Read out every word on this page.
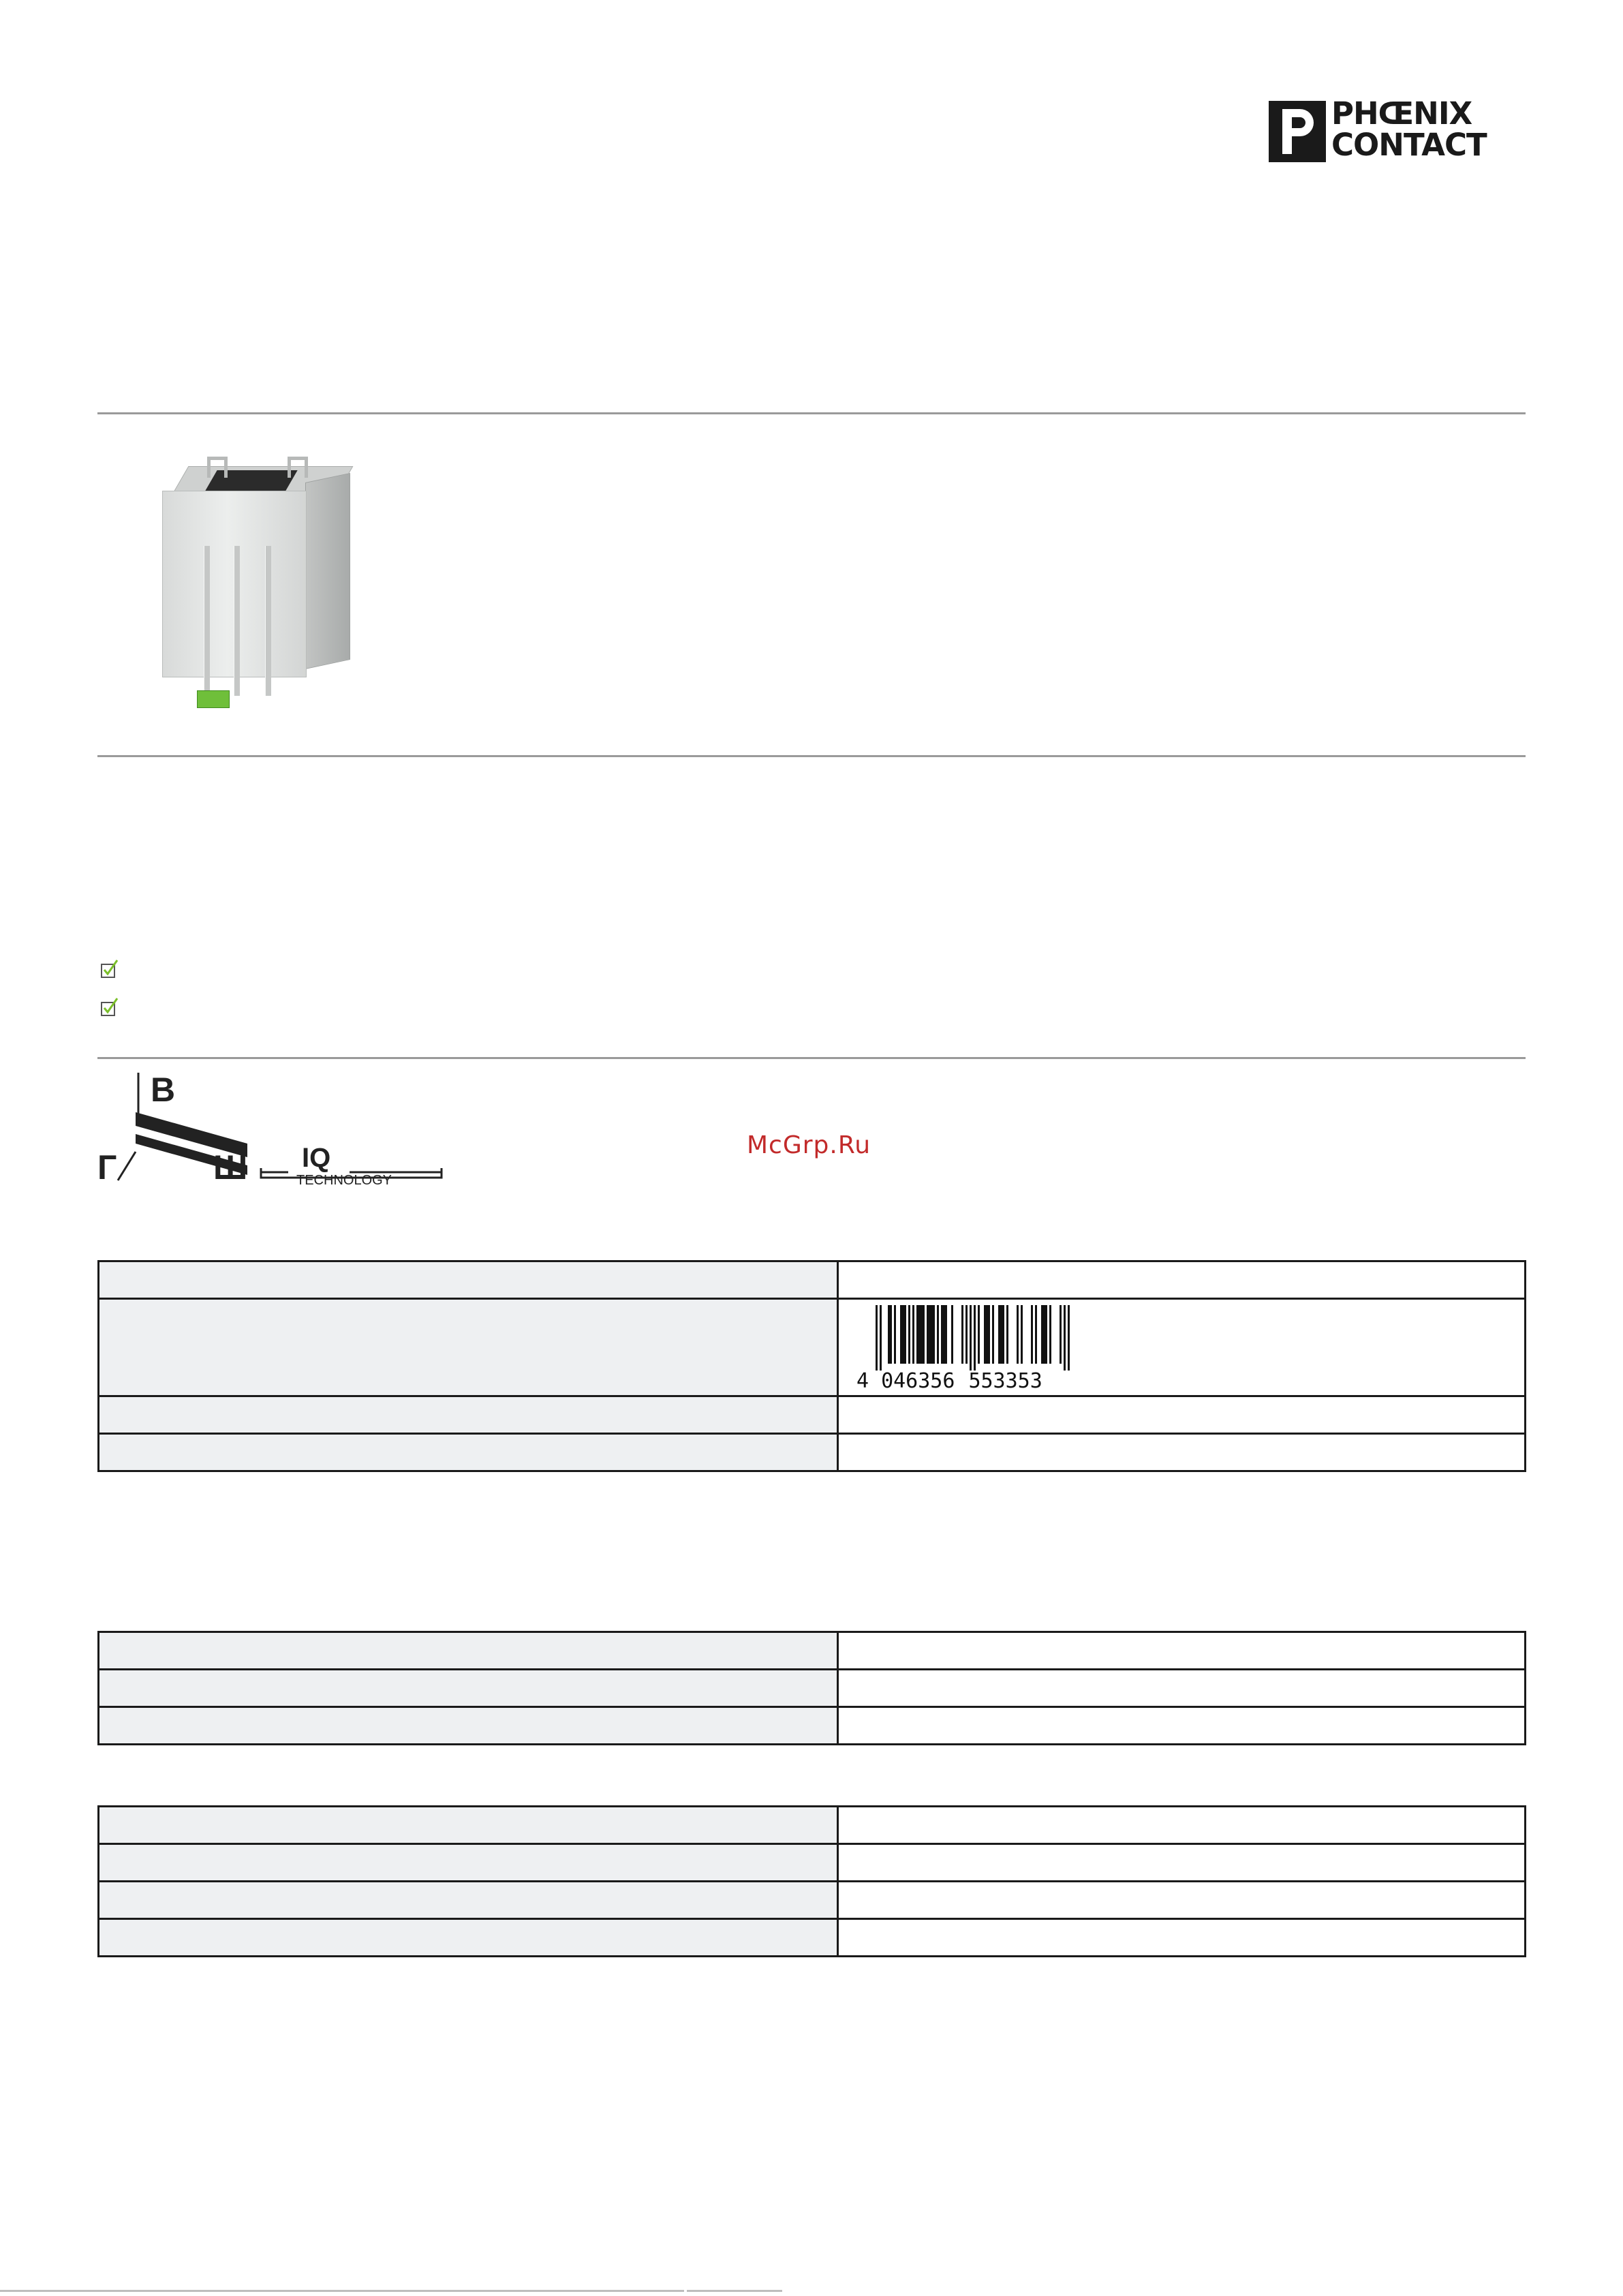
PHŒNIX
CONTACT
В
Г	Ш IQ
TECHNOLOGY
McGrp.Ru

	4 046356 553353
